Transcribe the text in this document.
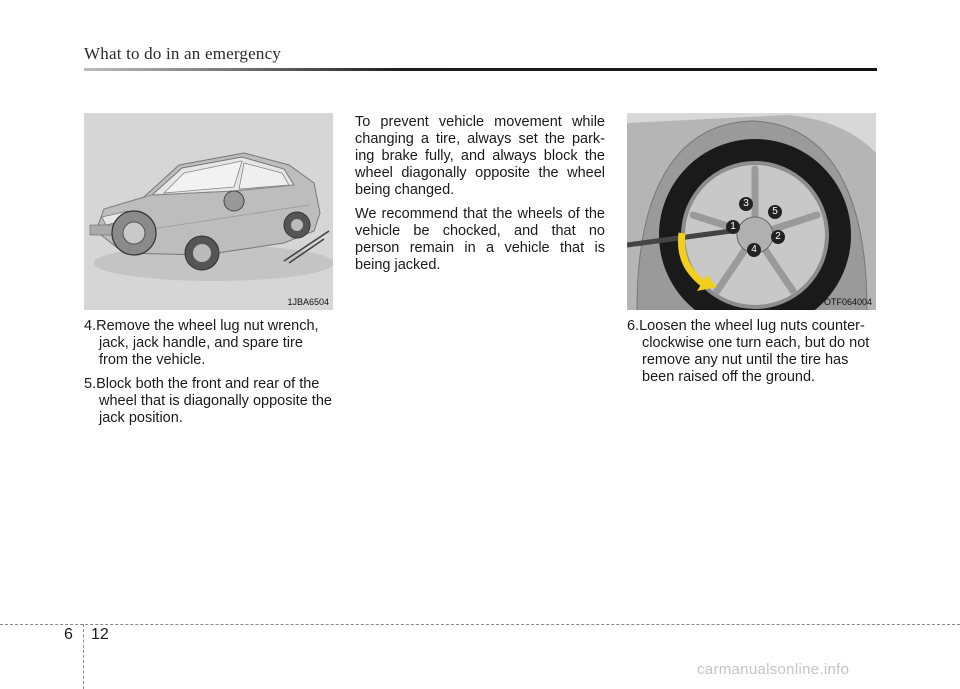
What to do in an emergency
1JBA6504
4.Remove the wheel lug nut wrench, jack, jack handle, and spare tire from the vehicle.
5.Block both the front and rear of the wheel that is diagonally opposite the jack position.

To prevent vehicle movement while changing a tire, always set the park-ing brake fully, and always block the wheel diagonally opposite the wheel being changed.

We recommend that the wheels of the vehicle be chocked, and that no person remain in a vehicle that is being jacked.

1
2
3
4
5
OTF064004
6.Loosen the wheel lug nuts counter-clockwise one turn each, but do not remove any nut until the tire has been raised off the ground.
6 12
carmanualsonline.info
